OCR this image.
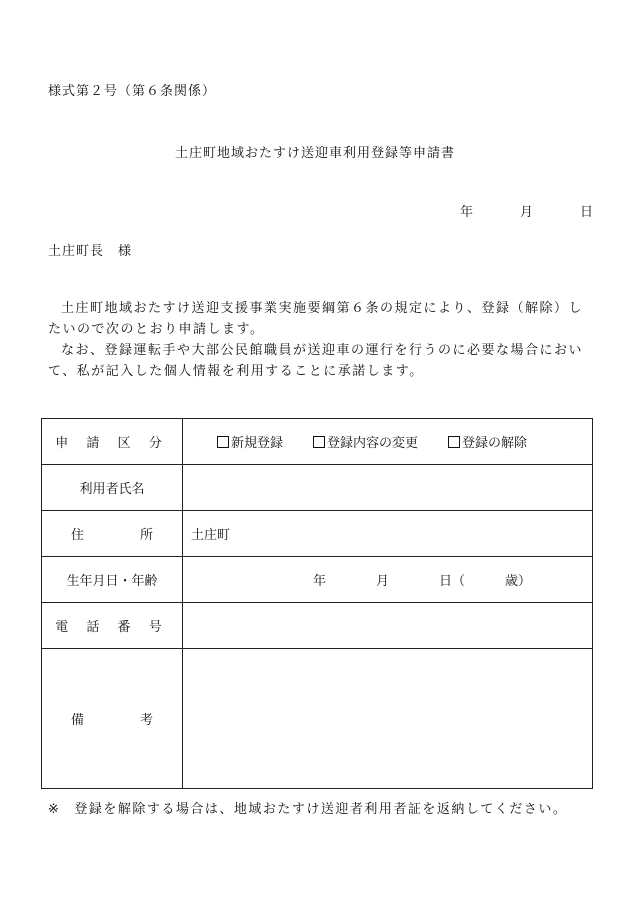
様式第２号（第６条関係）
土庄町地域おたすけ送迎車利用登録等申請書
年	月	日
土庄町長 様

土庄町地域おたすけ送迎支援事業実施要綱第６条の規定により、登録（解除）したいので次のとおり申請します。

なお、登録運転手や大部公民館職員が送迎車の運行を行うのに必要な場合において、私が記入した個人情報を利用することに承諾します。

申 請 区 分	新規登録 登録内容の変更 登録の解除

利用者氏名	
住 所	土庄町
生年月日・年齢	年 月 日（ 歳）

電 話 番 号	
備 考	
※ 登録を解除する場合は、地域おたすけ送迎者利用者証を返納してください。
